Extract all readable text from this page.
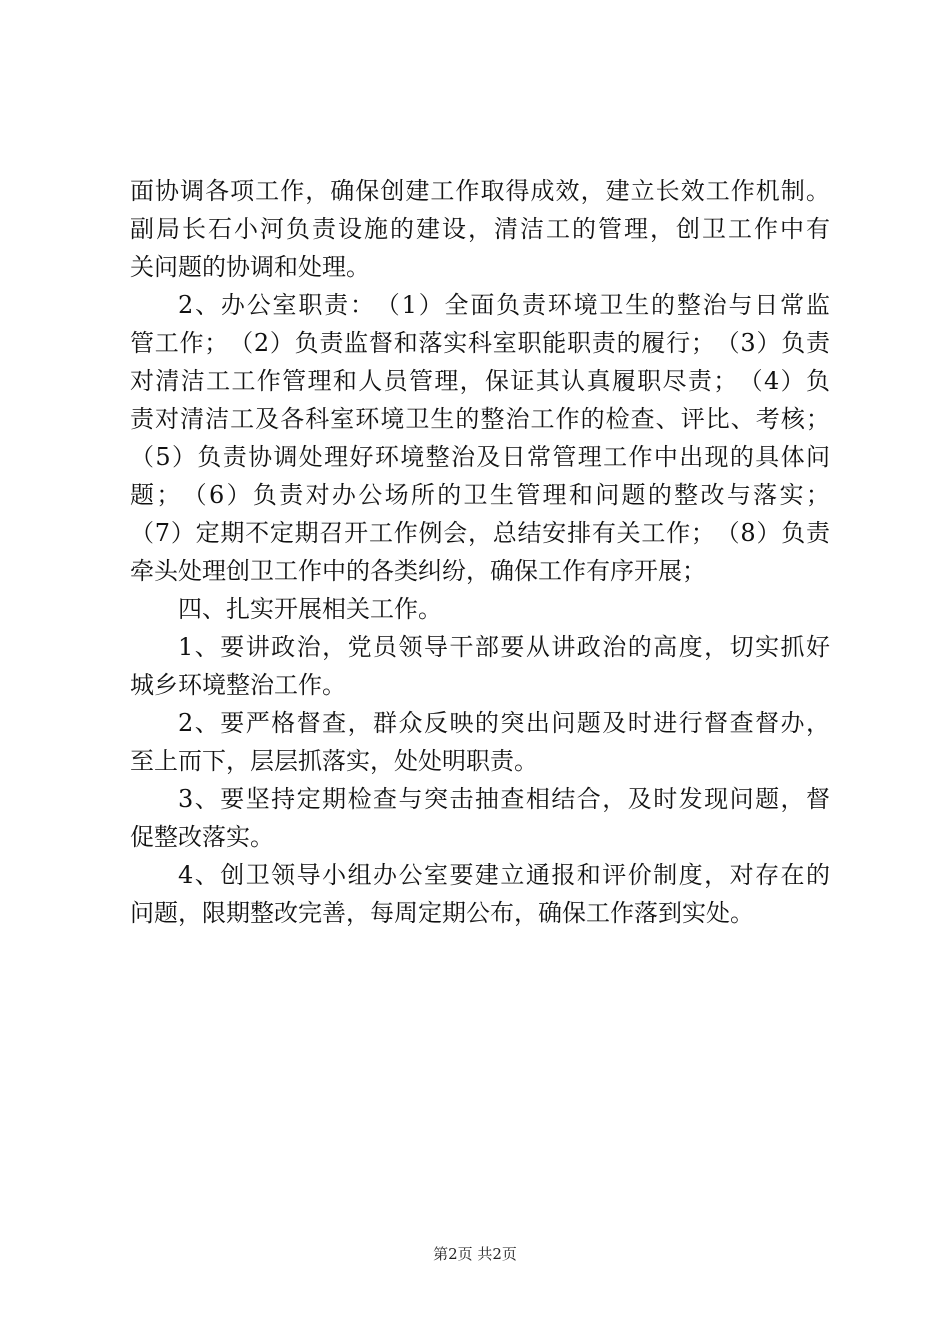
面 协 调 各 项 工 作 ， 确 保 创 建 工 作 取 得 成 效 ， 建 立 长 效 工 作 机 制 。
副 局 长 石 小 河 负 责 设 施 的 建 设 ， 清 洁 工 的 管 理 ， 创 卫 工 作 中 有
关问题的协调和处理。
2 、 办 公 室 职 责 ： （ 1 ） 全 面 负 责 环 境 卫 生 的 整 治 与 日 常 监
管 工 作 ； （ 2 ） 负 责 监 督 和 落 实 科 室 职 能 职 责 的 履 行 ； （ 3 ） 负 责
对 清 洁 工 工 作 管 理 和 人 员 管 理 ， 保 证 其 认 真 履 职 尽 责 ； （ 4 ） 负
责 对 清 洁 工 及 各 科 室 环 境 卫 生 的 整 治 工 作 的 检 查 、 评 比 、 考 核 ；
（ 5 ） 负 责 协 调 处 理 好 环 境 整 治 及 日 常 管 理 工 作 中 出 现 的 具 体 问
题 ； （ 6 ） 负 责 对 办 公 场 所 的 卫 生 管 理 和 问 题 的 整 改 与 落 实 ；
（ 7 ） 定 期 不 定 期 召 开 工 作 例 会 ， 总 结 安 排 有 关 工 作 ； （ 8 ） 负 责
牵头处理创卫工作中的各类纠纷，确保工作有序开展；
四、扎实开展相关工作。
1 、 要 讲 政 治 ， 党 员 领 导 干 部 要 从 讲 政 治 的 高 度 ， 切 实 抓 好
城乡环境整治工作。
2 、 要 严 格 督 查 ， 群 众 反 映 的 突 出 问 题 及 时 进 行 督 查 督 办 ，
至上而下，层层抓落实，处处明职责。
3 、 要 坚 持 定 期 检 查 与 突 击 抽 查 相 结 合 ， 及 时 发 现 问 题 ， 督
促整改落实。
4 、 创 卫 领 导 小 组 办 公 室 要 建 立 通 报 和 评 价 制 度 ， 对 存 在 的
问题，限期整改完善，每周定期公布，确保工作落到实处。
第2页 共2页
